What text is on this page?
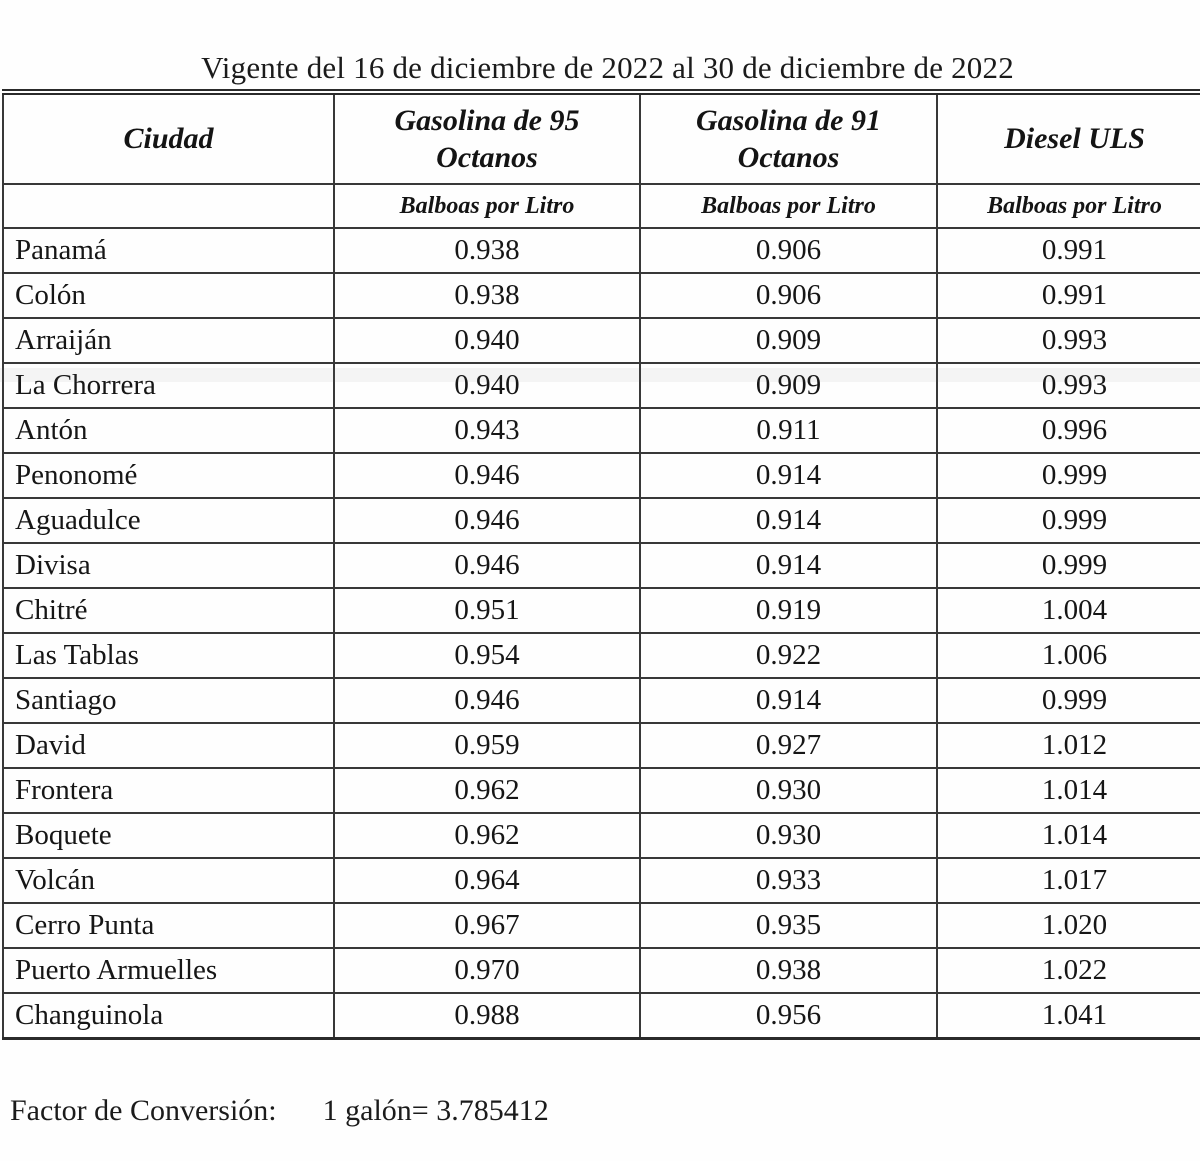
Vigente del 16 de diciembre de 2022 al 30 de diciembre de 2022
Ciudad	Gasolina de 95 Octanos	Gasolina de 91 Octanos	Diesel ULS
	Balboas por Litro	Balboas por Litro	Balboas por Litro
Panamá	0.938	0.906	0.991
Colón	0.938	0.906	0.991
Arraiján	0.940	0.909	0.993
La Chorrera	0.940	0.909	0.993
Antón	0.943	0.911	0.996
Penonomé	0.946	0.914	0.999
Aguadulce	0.946	0.914	0.999
Divisa	0.946	0.914	0.999
Chitré	0.951	0.919	1.004
Las Tablas	0.954	0.922	1.006
Santiago	0.946	0.914	0.999
David	0.959	0.927	1.012
Frontera	0.962	0.930	1.014
Boquete	0.962	0.930	1.014
Volcán	0.964	0.933	1.017
Cerro Punta	0.967	0.935	1.020
Puerto Armuelles	0.970	0.938	1.022
Changuinola	0.988	0.956	1.041
Factor de Conversión: 1 galón= 3.785412
